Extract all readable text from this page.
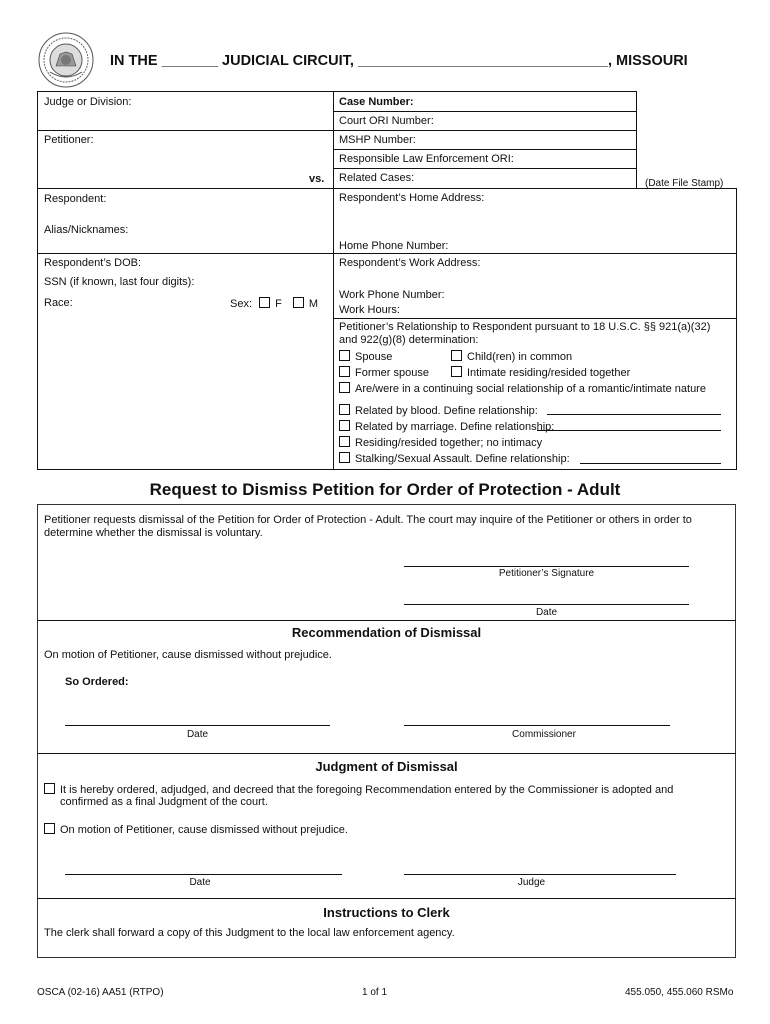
IN THE _______ JUDICIAL CIRCUIT, _______________________________, MISSOURI
Judge or Division:
Petitioner:
vs.
Respondent:
Alias/Nicknames:
Respondent’s DOB:
SSN (if known, last four digits):
Race:	Sex: F M
Case Number:
Court ORI Number:
MSHP Number:
Responsible Law Enforcement ORI:
Related Cases:	(Date File Stamp)
Respondent’s Home Address:
Home Phone Number:
Respondent’s Work Address:
Work Phone Number:
Work Hours:
Petitioner’s Relationship to Respondent pursuant to 18 U.S.C. §§ 921(a)(32)
and 922(g)(8) determination:
Spouse	Child(ren) in common
Former spouse	Intimate residing/resided together
Are/were in a continuing social relationship of a romantic/intimate nature
Related by blood. Define relationship:
Related by marriage. Define relationship:
Residing/resided together; no intimacy
Stalking/Sexual Assault. Define relationship:
Request to Dismiss Petition for Order of Protection - Adult
Petitioner requests dismissal of the Petition for Order of Protection - Adult. The court may inquire of the Petitioner or others in order to
determine whether the dismissal is voluntary.
Petitioner’s Signature
Date
Recommendation of Dismissal
On motion of Petitioner, cause dismissed without prejudice.
So Ordered:
Date	Commissioner
Judgment of Dismissal
It is hereby ordered, adjudged, and decreed that the foregoing Recommendation entered by the Commissioner is adopted and
confirmed as a final Judgment of the court.
On motion of Petitioner, cause dismissed without prejudice.
Date	Judge
Instructions to Clerk
The clerk shall forward a copy of this Judgment to the local law enforcement agency.
OSCA (02-16) AA51 (RTPO)	1 of 1	455.050, 455.060 RSMo
